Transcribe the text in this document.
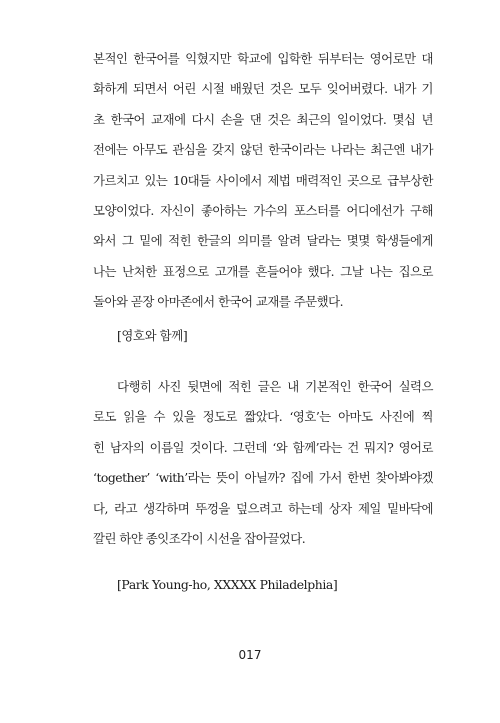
본적인 한국어를 익혔지만 학교에 입학한 뒤부터는 영어로만 대
화하게 되면서 어린 시절 배웠던 것은 모두 잊어버렸다. 내가 기
초 한국어 교재에 다시 손을 댄 것은 최근의 일이었다. 몇십 년
전에는 아무도 관심을 갖지 않던 한국이라는 나라는 최근엔 내가
가르치고 있는 10대들 사이에서 제법 매력적인 곳으로 급부상한
모양이었다. 자신이 좋아하는 가수의 포스터를 어디에선가 구해
와서 그 밑에 적힌 한글의 의미를 알려 달라는 몇몇 학생들에게
나는 난처한 표정으로 고개를 흔들어야 했다. 그날 나는 집으로
돌아와 곧장 아마존에서 한국어 교재를 주문했다.
[영호와 함께]
다행히 사진 뒷면에 적힌 글은 내 기본적인 한국어 실력으
로도 읽을 수 있을 정도로 짧았다. ‘영호’는 아마도 사진에 찍
힌 남자의 이름일 것이다. 그런데 ‘와 함께’라는 건 뭐지? 영어로
‘together’ ‘with’라는 뜻이 아닐까? 집에 가서 한번 찾아봐야겠
다, 라고 생각하며 뚜껑을 덮으려고 하는데 상자 제일 밑바닥에
깔린 하얀 종잇조각이 시선을 잡아끌었다.
[Park Young-ho, XXXXX Philadelphia]
017
